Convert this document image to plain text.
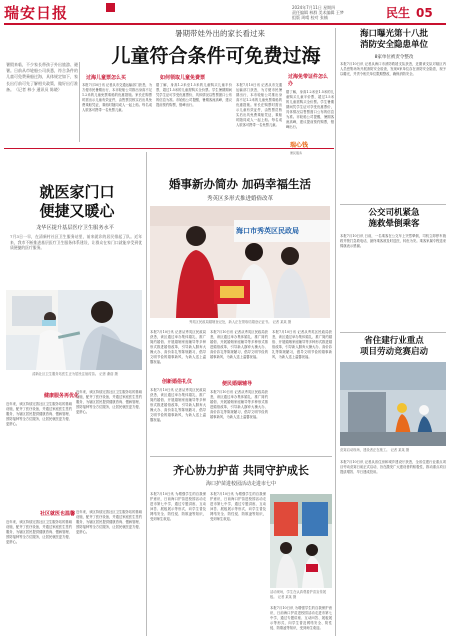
瑞安日报	2024年7月11日 星期四
责任编辑 林群 美术编辑 王梦
组版 周晴 校对 张楠	民生 05
暑期带娃外出的家长看过来
儿童符合条件可免费过海
暑假来临，不少家长带孩子外出旅游、避暑。日前从市轮船公司获悉，符合条件的儿童可免费乘船过海，具体规定如下，家长出行前可先了解相关政策，做好出行准备。（记者 林小 通讯员 陈晓）
过海儿童票怎么买
本报7月10日讯 记者从市交通运输部门获悉，为方便市民暑期出行，本市轮船公司推出身高不足1.2米的儿童免票乘船的优惠措施。家长在购票时需出示儿童有效证件，由售票员核实后出具免费乘船凭证，乘船时随同成人一起上船。每名成人旅客可携带一名免票儿童。
如何领取儿童免费票
据了解，身高1.2米至1.5米的儿童购买儿童半价票，超过1.5米的儿童需购买全价票。学生暑期期间凭学生证可享受优惠票价，具体情况以售票窗口公布的信息为准。市轮船公司提醒，暑期客流高峰，建议提前预约购票，错峰出行。
本报7月10日讯 记者从市交通运输部门获悉，为方便市民暑期出行，本市轮船公司推出身高不足1.2米的儿童免票乘船的优惠措施。家长在购票时需出示儿童有效证件，由售票员核实后出具免费乘船凭证，乘船时随同成人一起上船。每名成人旅客可携带一名免票儿童。
过海免带证件怎么办
据了解，身高1.2米至1.5米的儿童购买儿童半价票，超过1.5米的儿童需购买全价票。学生暑期期间凭学生证可享受优惠票价，具体情况以售票窗口公布的信息为准。市轮船公司提醒，暑期客流高峰，建议提前预约购票，错峰出行。
瑞心钱
便民服务
就医家门口
便捷又暖心
龙华区提升基层医疗卫生服务水平
7月3日一早，在清新村社区卫生服务站里，前来就诊的居民排起了队。近年来，我市不断推进基层医疗卫生服务体系建设，让群众在家门口就能享受到优质便捷的医疗服务。
清新社区卫生服务站医生正为居民注射疫苗。 记者 谢蓓 摄
健康服务再优化
近年来，该区持续完善社区卫生服务站的基础设施，配齐了医疗设备，并通过家庭医生签约服务，为辖区居民提供健康咨询、慢病管理、预防接种等全方位服务，让居民就医更方便、更舒心。
近年来，该区持续完善社区卫生服务站的基础设施，配齐了医疗设备，并通过家庭医生签约服务，为辖区居民提供健康咨询、慢病管理、预防接种等全方位服务，让居民就医更方便、更舒心。
社区就医也温馨
近年来，该区持续完善社区卫生服务站的基础设施，配齐了医疗设备，并通过家庭医生签约服务，为辖区居民提供健康咨询、慢病管理、预防接种等全方位服务，让居民就医更方便、更舒心。
近年来，该区持续完善社区卫生服务站的基础设施，配齐了医疗设备，并通过家庭医生签约服务，为辖区居民提供健康咨询、慢病管理、预防接种等全方位服务，让居民就医更方便、更舒心。
婚事新办简办 加码幸福生活
秀英区多形式推进婚俗改革
海口市秀英区民政局
秀英区民政局婚姻登记处，新人正在领取结婚登记证书。 记者 某某 摄
本报7月10日讯 记者从秀英区民政局获悉，该区通过举办集体婚礼、推广简约婚俗、开展婚姻家庭辅导等多种形式推进婚俗改革，引导新人摒弃大操大办、高价彩礼等陈规陋习，倡导文明节俭的婚事新风，为新人送上温馨祝福。
创新婚俗礼仪
本报7月10日讯 记者从秀英区民政局获悉，该区通过举办集体婚礼、推广简约婚俗、开展婚姻家庭辅导等多种形式推进婚俗改革，引导新人摒弃大操大办、高价彩礼等陈规陋习，倡导文明节俭的婚事新风，为新人送上温馨祝福。
本报7月10日讯 记者从秀英区民政局获悉，该区通过举办集体婚礼、推广简约婚俗、开展婚姻家庭辅导等多种形式推进婚俗改革，引导新人摒弃大操大办、高价彩礼等陈规陋习，倡导文明节俭的婚事新风，为新人送上温馨祝福。
便民婚姻辅导
本报7月10日讯 记者从秀英区民政局获悉，该区通过举办集体婚礼、推广简约婚俗、开展婚姻家庭辅导等多种形式推进婚俗改革，引导新人摒弃大操大办、高价彩礼等陈规陋习，倡导文明节俭的婚事新风，为新人送上温馨祝福。
本报7月10日讯 记者从秀英区民政局获悉，该区通过举办集体婚礼、推广简约婚俗、开展婚姻家庭辅导等多种形式推进婚俗改革，引导新人摒弃大操大办、高价彩礼等陈规陋习，倡导文明节俭的婚事新风，为新人送上温馨祝福。
齐心协力护苗 共同守护成长
海口护苗进校园活动走进市七中
本报7月10日讯 为增强学生的自我保护意识，日前海口护苗进校园活动走进市第七中学，通过专题讲座、互动问答、展板展示等形式，向学生普及网络安全、防性侵、防欺凌等知识，受到师生欢迎。
本报7月10日讯 为增强学生的自我保护意识，日前海口护苗进校园活动走进市第七中学，通过专题讲座、互动问答、展板展示等形式，向学生普及网络安全、防性侵、防欺凌等知识，受到师生欢迎。
活动现场，学生在认真观看护苗宣传展板。 记者 某某 摄
本报7月10日讯 为增强学生的自我保护意识，日前海口护苗进校园活动走进市第七中学，通过专题讲座、互动问答、展板展示等形式，向学生普及网络安全、防性侵、防欺凌等知识，受到师生欢迎。
海口曝光第十八批
消防安全隐患单位
8家单位被责令整改
本报7月10日讯 记者从海口市消防救援支队获悉，近期该支队对辖区内人员密集场所开展消防安全检查，发现8家单位存在消防安全隐患，现予以曝光，并责令相关单位限期整改，确保消防安全。
公交司机紧急
施救晕倒乘客
本报7月10日讯 日前，一名乘客在公交车上突然晕倒，司机立即停车施救并拨打急救电话，最终乘客被及时送医，转危为安。乘客家属专程送来锦旗表示感谢。
省住建行业重点
项目劳动竞赛启动
竞赛启动现场，建设者正在施工。 记者 某某 摄
本报7月10日讯 记者从省住房和城乡建设厅获悉，全省住建行业重点项目劳动竞赛日前正式启动，旨在激发广大建设者的积极性，推动重点项目提质增效、早日建成投用。
